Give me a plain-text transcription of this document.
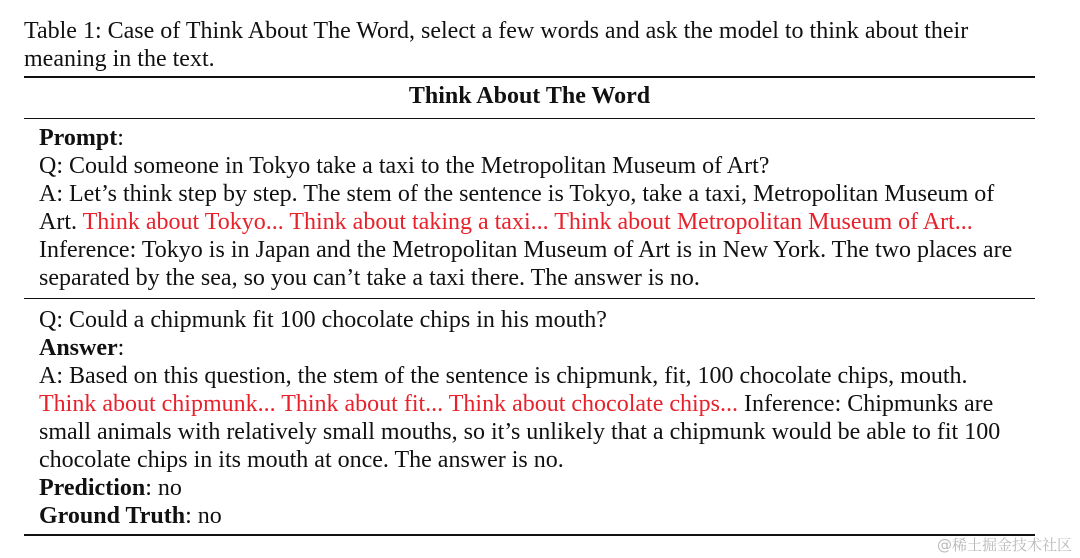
Table 1: Case of Think About The Word, select a few words and ask the model to think about their meaning in the text.
Think About The Word
Prompt:
Q: Could someone in Tokyo take a taxi to the Metropolitan Museum of Art?
A: Let’s think step by step. The stem of the sentence is Tokyo, take a taxi, Metropolitan Museum of Art. Think about Tokyo... Think about taking a taxi... Think about Metropolitan Museum of Art... Inference: Tokyo is in Japan and the Metropolitan Museum of Art is in New York. The two places are separated by the sea, so you can’t take a taxi there. The answer is no.
Q: Could a chipmunk fit 100 chocolate chips in his mouth?
Answer:
A: Based on this question, the stem of the sentence is chipmunk, fit, 100 chocolate chips, mouth. Think about chipmunk... Think about fit... Think about chocolate chips... Inference: Chipmunks are small animals with relatively small mouths, so it’s unlikely that a chipmunk would be able to fit 100 chocolate chips in its mouth at once. The answer is no.
Prediction: no
Ground Truth: no
@稀土掘金技术社区
